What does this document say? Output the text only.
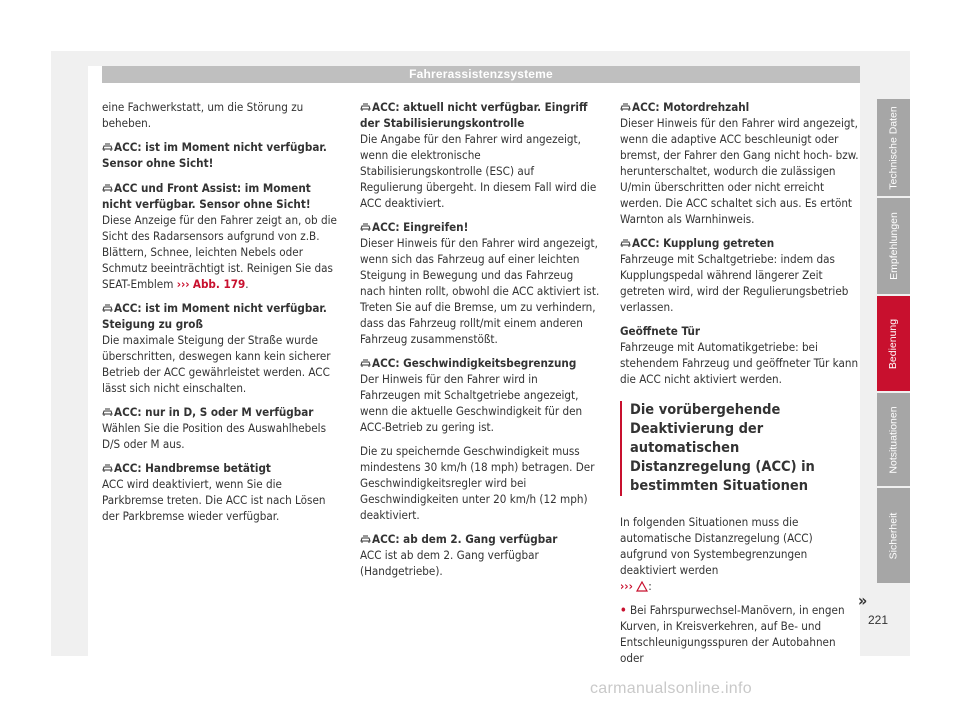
Fahrerassistenzsysteme

eine Fachwerkstatt, um die Störung zu beheben.

ACC: ist im Moment nicht verfügbar. Sensor ohne Sicht!

ACC und Front Assist: im Moment nicht verfügbar. Sensor ohne Sicht!

Diese Anzeige für den Fahrer zeigt an, ob die Sicht des Radarsensors aufgrund von z.B. Blättern, Schnee, leichten Nebels oder Schmutz beeinträchtigt ist. Reinigen Sie das SEAT-Emblem ››› Abb. 179.

ACC: ist im Moment nicht verfügbar. Steigung zu groß

Die maximale Steigung der Straße wurde überschritten, deswegen kann kein sicherer Betrieb der ACC gewährleistet werden. ACC lässt sich nicht einschalten.

ACC: nur in D, S oder M verfügbar

Wählen Sie die Position des Auswahlhebels D/S oder M aus.

ACC: Handbremse betätigt

ACC wird deaktiviert, wenn Sie die Parkbremse treten. Die ACC ist nach Lösen der Parkbremse wieder verfügbar.

ACC: aktuell nicht verfügbar. Eingriff der Stabilisierungskontrolle

Die Angabe für den Fahrer wird angezeigt, wenn die elektronische Stabilisierungskontrolle (ESC) auf Regulierung übergeht. In diesem Fall wird die ACC deaktiviert.

ACC: Eingreifen!

Dieser Hinweis für den Fahrer wird angezeigt, wenn sich das Fahrzeug auf einer leichten Steigung in Bewegung und das Fahrzeug nach hinten rollt, obwohl die ACC aktiviert ist. Treten Sie auf die Bremse, um zu verhindern, dass das Fahrzeug rollt/mit einem anderen Fahrzeug zusammenstößt.

ACC: Geschwindigkeitsbegrenzung

Der Hinweis für den Fahrer wird in Fahrzeugen mit Schaltgetriebe angezeigt, wenn die aktuelle Geschwindigkeit für den ACC-Betrieb zu gering ist.

Die zu speichernde Geschwindigkeit muss mindestens 30 km/h (18 mph) betragen. Der Geschwindigkeitsregler wird bei Geschwindigkeiten unter 20 km/h (12 mph) deaktiviert.

ACC: ab dem 2. Gang verfügbar

ACC ist ab dem 2. Gang verfügbar (Handgetriebe).

ACC: Motordrehzahl

Dieser Hinweis für den Fahrer wird angezeigt, wenn die adaptive ACC beschleunigt oder bremst, der Fahrer den Gang nicht hoch- bzw. herunterschaltet, wodurch die zulässigen U/min überschritten oder nicht erreicht werden. Die ACC schaltet sich aus. Es ertönt Warnton als Warnhinweis.

ACC: Kupplung getreten

Fahrzeuge mit Schaltgetriebe: indem das Kupplungspedal während längerer Zeit getreten wird, wird der Regulierungsbetrieb verlassen.

Geöffnete Tür

Fahrzeuge mit Automatikgetriebe: bei stehendem Fahrzeug und geöffneter Tür kann die ACC nicht aktiviert werden.

Die vorübergehende Deaktivierung der automatischen Distanzregelung (ACC) in bestimmten Situationen

In folgenden Situationen muss die automatische Distanzregelung (ACC) aufgrund von Systembegrenzungen deaktiviert werden
››› :

• Bei Fahrspurwechsel-Manövern, in engen Kurven, in Kreisverkehren, auf Be- und Entschleunigungsspuren der Autobahnen oder

Technische Daten
Empfehlungen
Bedienung
Notsituationen
Sicherheit
»
221
carmanualsonline.info
